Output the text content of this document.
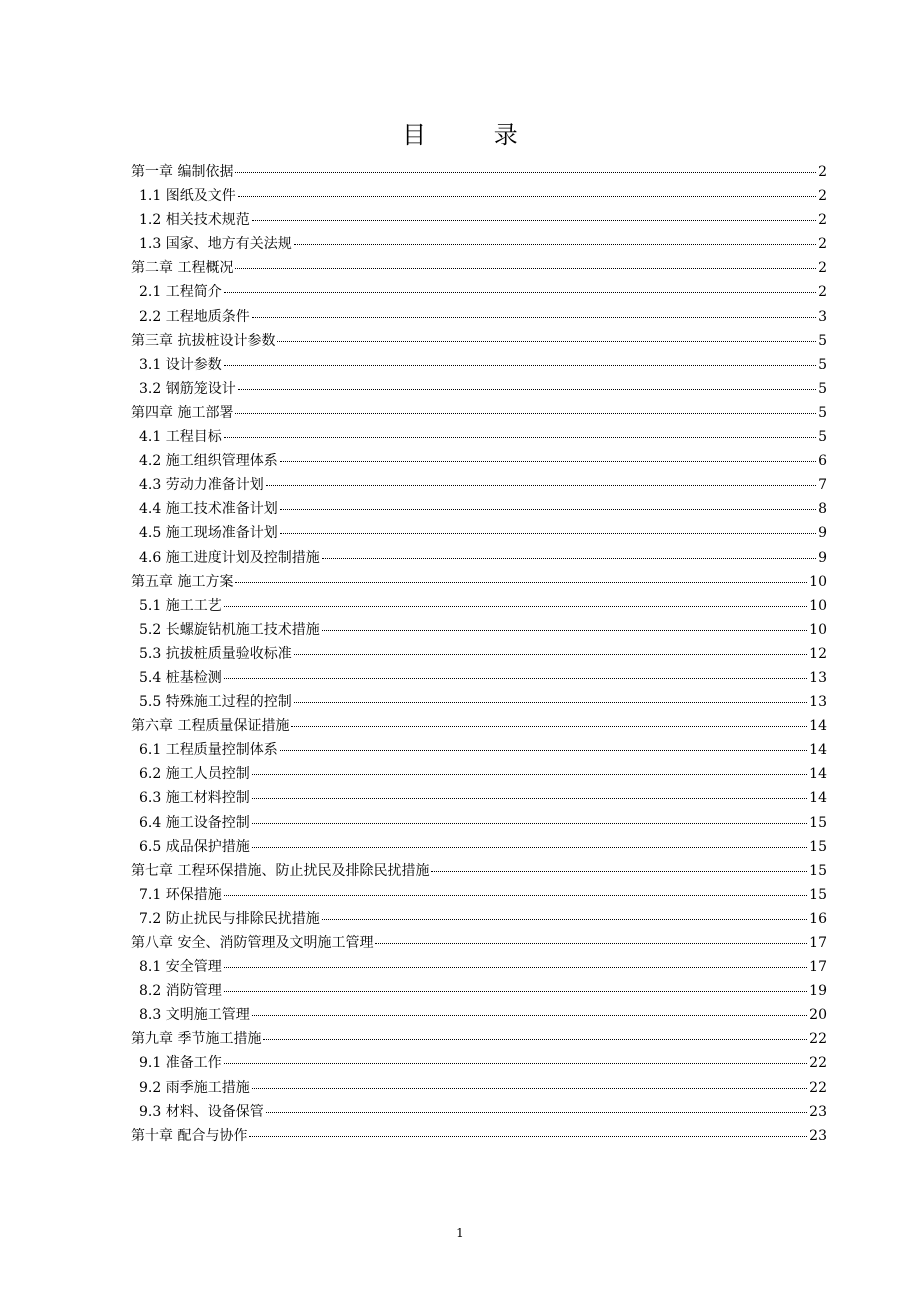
目 录
第一章 编制依据	2
1.1 图纸及文件	2
1.2 相关技术规范	2
1.3 国家、地方有关法规	2
第二章 工程概况	2
2.1 工程简介	2
2.2 工程地质条件	3
第三章 抗拔桩设计参数	5
3.1 设计参数	5
3.2 钢筋笼设计	5
第四章 施工部署	5
4.1 工程目标	5
4.2 施工组织管理体系	6
4.3 劳动力准备计划	7
4.4 施工技术准备计划	8
4.5 施工现场准备计划	9
4.6 施工进度计划及控制措施	9
第五章 施工方案	10
5.1 施工工艺	10
5.2 长螺旋钻机施工技术措施	10
5.3 抗拔桩质量验收标准	12
5.4 桩基检测	13
5.5 特殊施工过程的控制	13
第六章 工程质量保证措施	14
6.1 工程质量控制体系	14
6.2 施工人员控制	14
6.3 施工材料控制	14
6.4 施工设备控制	15
6.5 成品保护措施	15
第七章 工程环保措施、防止扰民及排除民扰措施	15
7.1 环保措施	15
7.2 防止扰民与排除民扰措施	16
第八章 安全、消防管理及文明施工管理	17
8.1 安全管理	17
8.2 消防管理	19
8.3 文明施工管理	20
第九章 季节施工措施	22
9.1 准备工作	22
9.2 雨季施工措施	22
9.3 材料、设备保管	23
第十章 配合与协作	23
1
